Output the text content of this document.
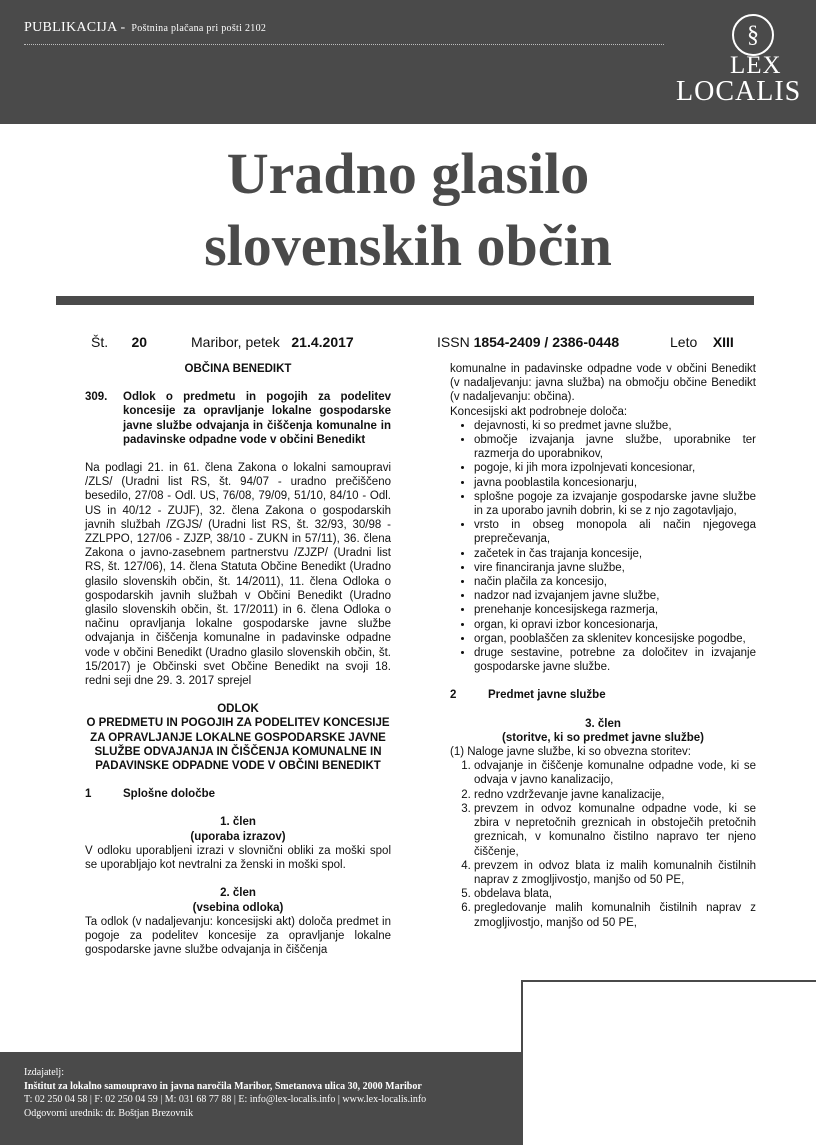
PUBLIKACIJA - Poštnina plačana pri pošti 2102	§
LEX
LOCALIS
Uradno glasilo
slovenskih občin
Št. 20	Maribor, petek 21.4.2017	ISSN 1854-2409 / 2386-0448	Leto XIII
OBČINA BENEDIKT
309.	Odlok o predmetu in pogojih za podelitev koncesije za opravljanje lokalne gospodarske javne službe odvajanja in čiščenja komunalne in padavinske odpadne vode v občini Benedikt
Na podlagi 21. in 61. člena Zakona o lokalni samoupravi /ZLS/ (Uradni list RS, št. 94/07 - uradno prečiščeno besedilo, 27/08 - Odl. US, 76/08, 79/09, 51/10, 84/10 - Odl. US in 40/12 - ZUJF), 32. člena Zakona o gospodarskih javnih službah /ZGJS/ (Uradni list RS, št. 32/93, 30/98 - ZZLPPO, 127/06 - ZJZP, 38/10 - ZUKN in 57/11), 36. člena Zakona o javno-zasebnem partnerstvu /ZJZP/ (Uradni list RS, št. 127/06), 14. člena Statuta Občine Benedikt (Uradno glasilo slovenskih občin, št. 14/2011), 11. člena Odloka o gospodarskih javnih službah v Občini Benedikt (Uradno glasilo slovenskih občin, št. 17/2011) in 6. člena Odloka o načinu opravljanja lokalne gospodarske javne službe odvajanja in čiščenja komunalne in padavinske odpadne vode v občini Benedikt (Uradno glasilo slovenskih občin, št. 15/2017) je Občinski svet Občine Benedikt na svoji 18. redni seji dne 29. 3. 2017 sprejel
ODLOK
O PREDMETU IN POGOJIH ZA PODELITEV KONCESIJE ZA OPRAVLJANJE LOKALNE GOSPODARSKE JAVNE SLUŽBE ODVAJANJA IN ČIŠČENJA KOMUNALNE IN PADAVINSKE ODPADNE VODE V OBČINI BENEDIKT
1	Splošne določbe
1. člen
(uporaba izrazov)
V odloku uporabljeni izrazi v slovnični obliki za moški spol se uporabljajo kot nevtralni za ženski in moški spol.
2. člen
(vsebina odloka)
Ta odlok (v nadaljevanju: koncesijski akt) določa predmet in pogoje za podelitev koncesije za opravljanje lokalne gospodarske javne službe odvajanja in čiščenja
komunalne in padavinske odpadne vode v občini Benedikt (v nadaljevanju: javna služba) na območju občine Benedikt (v nadaljevanju: občina).
Koncesijski akt podrobneje določa:
• dejavnosti, ki so predmet javne službe,
• območje izvajanja javne službe, uporabnike ter razmerja do uporabnikov,
• pogoje, ki jih mora izpolnjevati koncesionar,
• javna pooblastila koncesionarju,
• splošne pogoje za izvajanje gospodarske javne službe in za uporabo javnih dobrin, ki se z njo zagotavljajo,
• vrsto in obseg monopola ali način njegovega preprečevanja,
• začetek in čas trajanja koncesije,
• vire financiranja javne službe,
• način plačila za koncesijo,
• nadzor nad izvajanjem javne službe,
• prenehanje koncesijskega razmerja,
• organ, ki opravi izbor koncesionarja,
• organ, pooblaščen za sklenitev koncesijske pogodbe,
• druge sestavine, potrebne za določitev in izvajanje gospodarske javne službe.
2	Predmet javne službe
3. člen
(storitve, ki so predmet javne službe)
(1) Naloge javne službe, ki so obvezna storitev:
1. odvajanje in čiščenje komunalne odpadne vode, ki se odvaja v javno kanalizacijo,
2. redno vzdrževanje javne kanalizacije,
3. prevzem in odvoz komunalne odpadne vode, ki se zbira v nepretočnih greznicah in obstoječih pretočnih greznicah, v komunalno čistilno napravo ter njeno čiščenje,
4. prevzem in odvoz blata iz malih komunalnih čistilnih naprav z zmogljivostjo, manjšo od 50 PE,
5. obdelava blata,
6. pregledovanje malih komunalnih čistilnih naprav z zmogljivostjo, manjšo od 50 PE,
Izdajatelj:
Inštitut za lokalno samoupravo in javna naročila Maribor, Smetanova ulica 30, 2000 Maribor
T: 02 250 04 58 | F: 02 250 04 59 | M: 031 68 77 88 | E: info@lex-localis.info | www.lex-localis.info
Odgovorni urednik: dr. Boštjan Brezovnik
